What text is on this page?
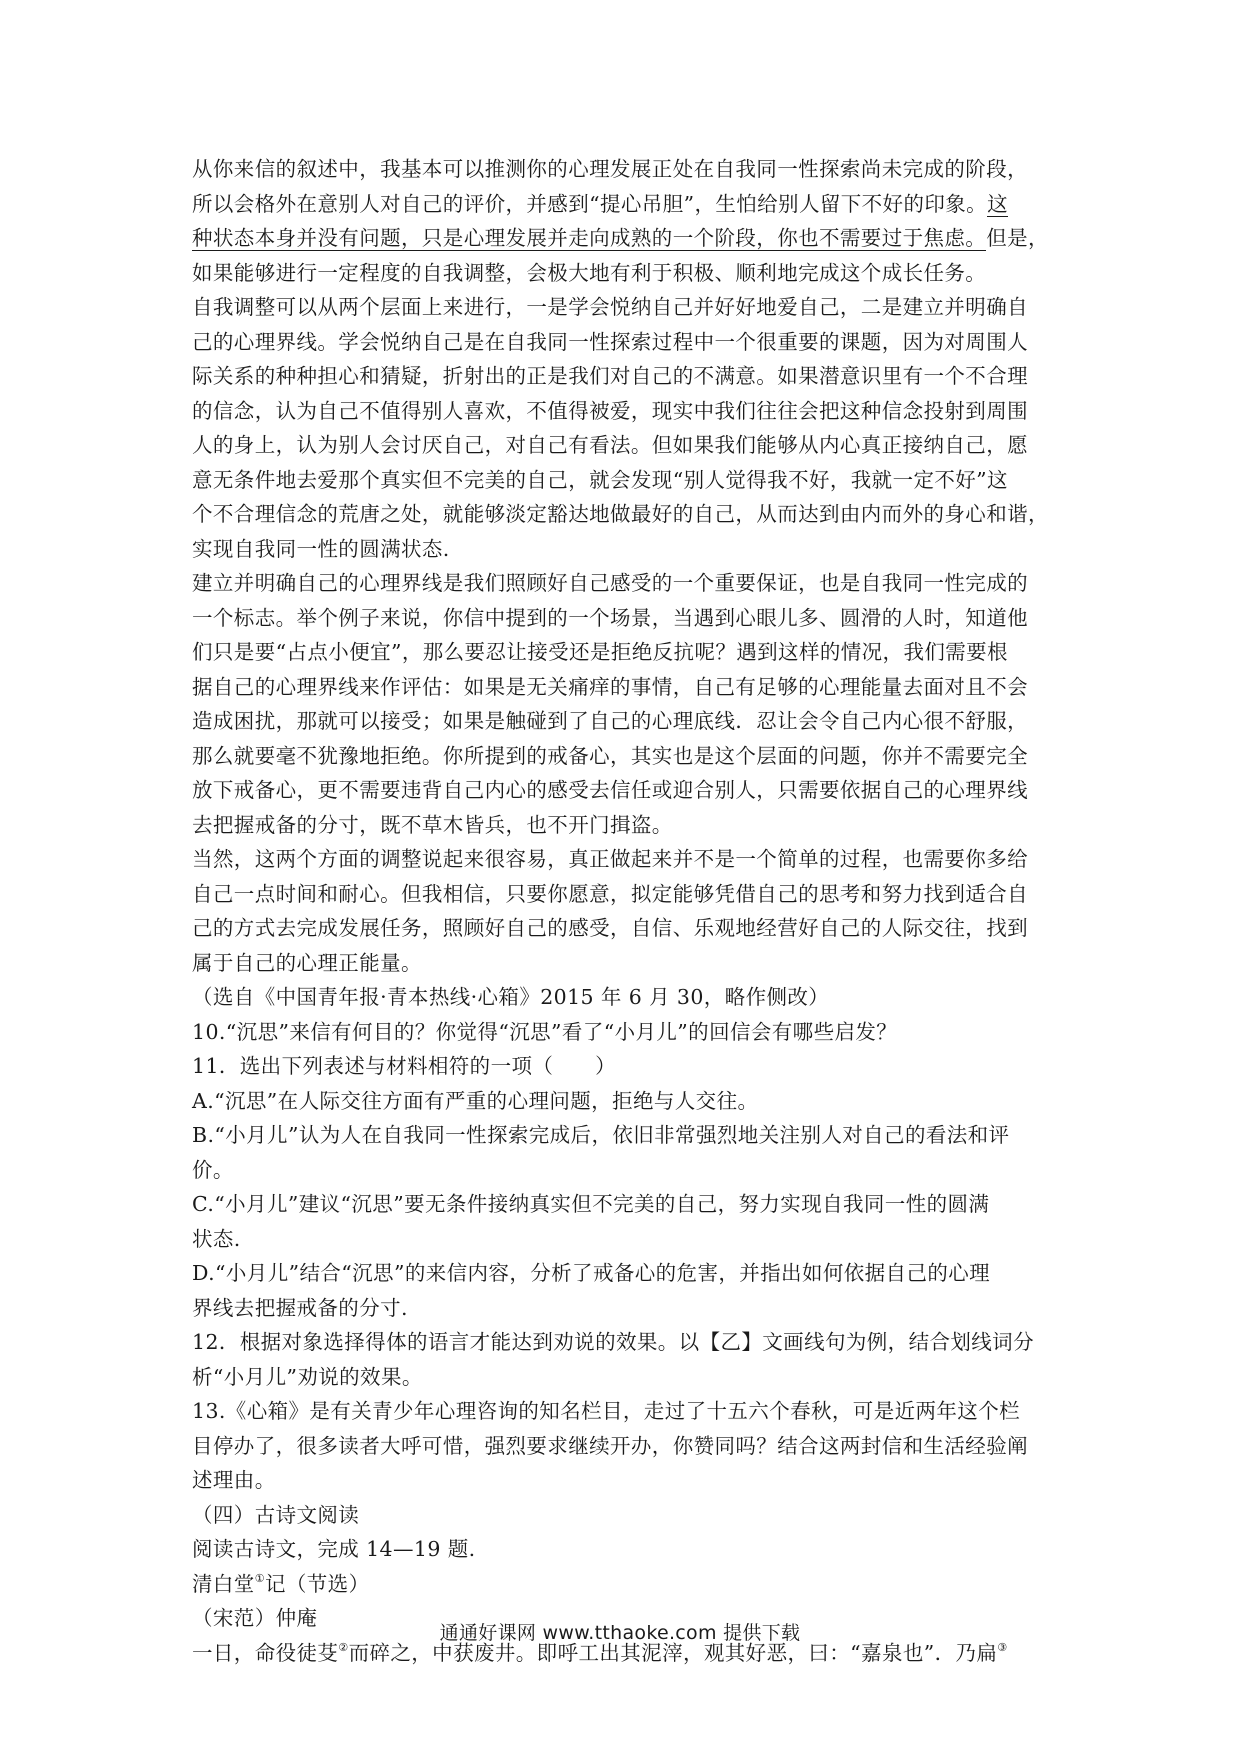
从你来信的叙述中，我基本可以推测你的心理发展正处在自我同一性探索尚未完成的阶段，
所以会格外在意别人对自己的评价，并感到“提心吊胆”，生怕给别人留下不好的印象。这
种状态本身并没有问题，只是心理发展并走向成熟的一个阶段，你也不需要过于焦虑。但是，
如果能够进行一定程度的自我调整，会极大地有利于积极、顺利地完成这个成长任务。
自我调整可以从两个层面上来进行，一是学会悦纳自己并好好地爱自己，二是建立并明确自
己的心理界线。学会悦纳自己是在自我同一性探索过程中一个很重要的课题，因为对周围人
际关系的种种担心和猜疑，折射出的正是我们对自己的不满意。如果潜意识里有一个不合理
的信念，认为自己不值得别人喜欢，不值得被爱，现实中我们往往会把这种信念投射到周围
人的身上，认为别人会讨厌自己，对自己有看法。但如果我们能够从内心真正接纳自己，愿
意无条件地去爱那个真实但不完美的自己，就会发现“别人觉得我不好，我就一定不好”这
个不合理信念的荒唐之处，就能够淡定豁达地做最好的自己，从而达到由内而外的身心和谐，
实现自我同一性的圆满状态.
建立并明确自己的心理界线是我们照顾好自己感受的一个重要保证，也是自我同一性完成的
一个标志。举个例子来说，你信中提到的一个场景，当遇到心眼儿多、圆滑的人时，知道他
们只是要“占点小便宜”，那么要忍让接受还是拒绝反抗呢？遇到这样的情况，我们需要根
据自己的心理界线来作评估：如果是无关痛痒的事情，自己有足够的心理能量去面对且不会
造成困扰，那就可以接受；如果是触碰到了自己的心理底线．忍让会令自己内心很不舒服，
那么就要毫不犹豫地拒绝。你所提到的戒备心，其实也是这个层面的问题，你并不需要完全
放下戒备心，更不需要违背自己内心的感受去信任或迎合别人，只需要依据自己的心理界线
去把握戒备的分寸，既不草木皆兵，也不开门揖盗。
当然，这两个方面的调整说起来很容易，真正做起来并不是一个简单的过程，也需要你多给
自己一点时间和耐心。但我相信，只要你愿意，拟定能够凭借自己的思考和努力找到适合自
己的方式去完成发展任务，照顾好自己的感受，自信、乐观地经营好自己的人际交往，找到
属于自己的心理正能量。
（选自《中国青年报·青本热线·心箱》2015 年 6 月 30，略作侧改）
10.“沉思”来信有何目的？你觉得“沉思”看了“小月儿”的回信会有哪些启发？
11．选出下列表述与材料相符的一项（　　）
A.“沉思”在人际交往方面有严重的心理问题，拒绝与人交往。
B.“小月儿”认为人在自我同一性探索完成后，依旧非常强烈地关注别人对自己的看法和评
价。
C.“小月儿”建议“沉思”要无条件接纳真实但不完美的自己，努力实现自我同一性的圆满
状态.
D.“小月儿”结合“沉思”的来信内容，分析了戒备心的危害，并指出如何依据自己的心理
界线去把握戒备的分寸.
12．根据对象选择得体的语言才能达到劝说的效果。以【乙】文画线句为例，结合划线词分
析“小月儿”劝说的效果。
13.《心箱》是有关青少年心理咨询的知名栏目，走过了十五六个春秋，可是近两年这个栏
目停办了，很多读者大呼可惜，强烈要求继续开办，你赞同吗？结合这两封信和生活经验阐
述理由。
（四）古诗文阅读
阅读古诗文，完成 14—19 题.
清白堂①记（节选）
（宋范）仲庵
一日，命役徒芟②而碎之，中获废井。即呼工出其泥滓，观其好恶，曰：“嘉泉也”．乃扁③
通通好课网 www.tthaoke.com 提供下载
